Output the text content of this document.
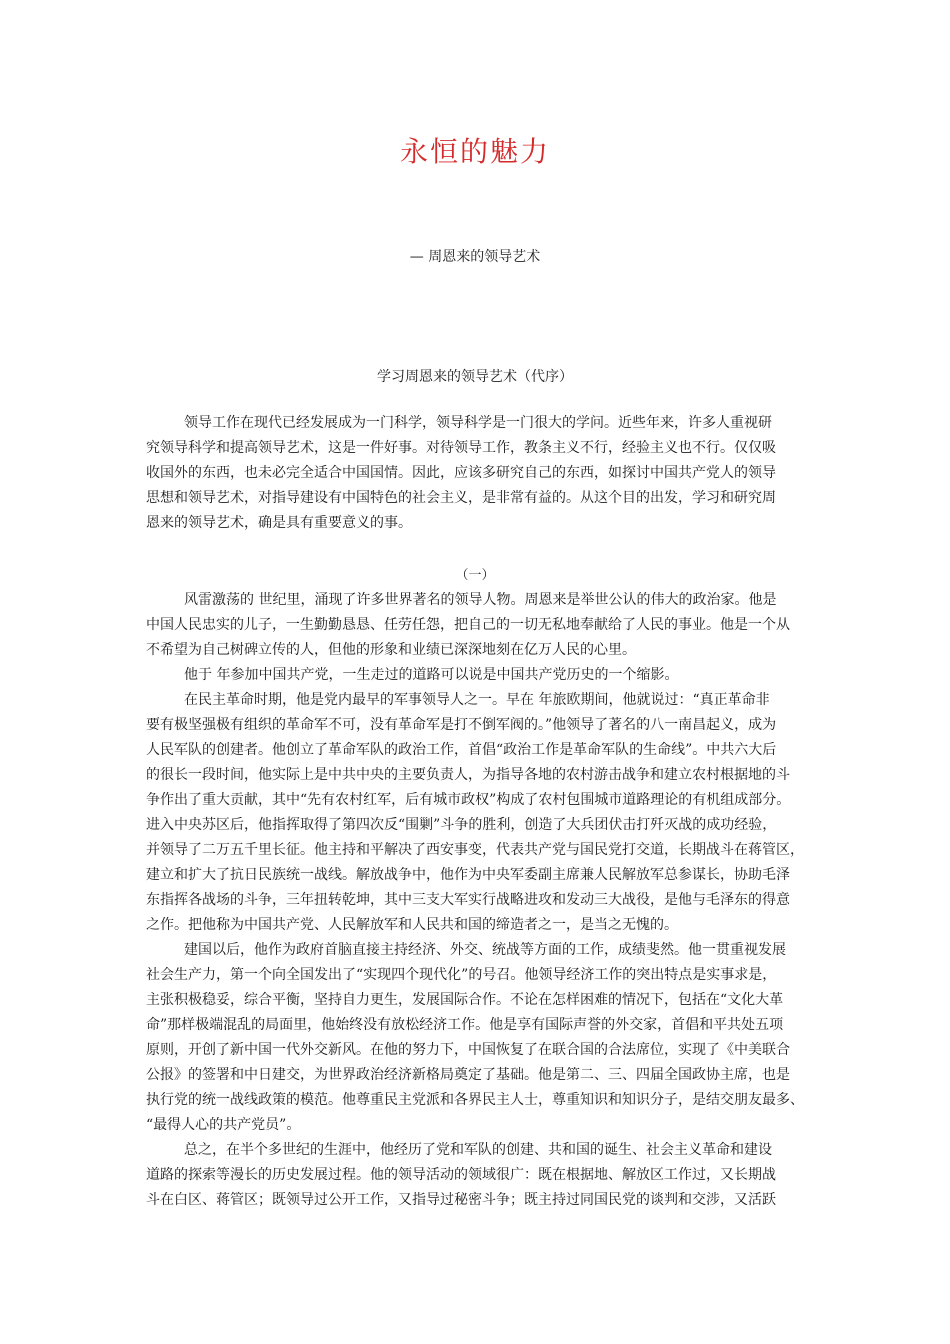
永恒的魅力

— 周恩来的领导艺术

学习周恩来的领导艺术（代序）

领导工作在现代已经发展成为一门科学，领导科学是一门很大的学问。近些年来，许多人重视研
究领导科学和提高领导艺术，这是一件好事。对待领导工作，教条主义不行，经验主义也不行。仅仅吸
收国外的东西，也未必完全适合中国国情。因此，应该多研究自己的东西，如探讨中国共产党人的领导
思想和领导艺术，对指导建设有中国特色的社会主义，是非常有益的。从这个目的出发，学习和研究周
恩来的领导艺术，确是具有重要意义的事。

（一）

风雷激荡的 世纪里，涌现了许多世界著名的领导人物。周恩来是举世公认的伟大的政治家。他是
中国人民忠实的儿子，一生勤勤恳恳、任劳任怨，把自己的一切无私地奉献给了人民的事业。他是一个从
不希望为自己树碑立传的人，但他的形象和业绩已深深地刻在亿万人民的心里。
他于 年参加中国共产党，一生走过的道路可以说是中国共产党历史的一个缩影。
在民主革命时期，他是党内最早的军事领导人之一。早在 年旅欧期间，他就说过：“真正革命非
要有极坚强极有组织的革命军不可，没有革命军是打不倒军阀的。”他领导了著名的八一南昌起义，成为
人民军队的创建者。他创立了革命军队的政治工作，首倡“政治工作是革命军队的生命线”。中共六大后
的很长一段时间，他实际上是中共中央的主要负责人，为指导各地的农村游击战争和建立农村根据地的斗
争作出了重大贡献，其中“先有农村红军，后有城市政权”构成了农村包围城市道路理论的有机组成部分。
进入中央苏区后，他指挥取得了第四次反“围剿”斗争的胜利，创造了大兵团伏击打歼灭战的成功经验，
并领导了二万五千里长征。他主持和平解决了西安事变，代表共产党与国民党打交道，长期战斗在蒋管区，
建立和扩大了抗日民族统一战线。解放战争中，他作为中央军委副主席兼人民解放军总参谋长，协助毛泽
东指挥各战场的斗争，三年扭转乾坤，其中三支大军实行战略进攻和发动三大战役，是他与毛泽东的得意
之作。把他称为中国共产党、人民解放军和人民共和国的缔造者之一，是当之无愧的。
建国以后，他作为政府首脑直接主持经济、外交、统战等方面的工作，成绩斐然。他一贯重视发展
社会生产力，第一个向全国发出了“实现四个现代化”的号召。他领导经济工作的突出特点是实事求是，
主张积极稳妥，综合平衡，坚持自力更生，发展国际合作。不论在怎样困难的情况下，包括在“文化大革
命”那样极端混乱的局面里，他始终没有放松经济工作。他是享有国际声誉的外交家，首倡和平共处五项
原则，开创了新中国一代外交新风。在他的努力下，中国恢复了在联合国的合法席位，实现了《中美联合
公报》的签署和中日建交，为世界政治经济新格局奠定了基础。他是第二、三、四届全国政协主席，也是
执行党的统一战线政策的模范。他尊重民主党派和各界民主人士，尊重知识和知识分子，是结交朋友最多、
“最得人心的共产党员”。
总之，在半个多世纪的生涯中，他经历了党和军队的创建、共和国的诞生、社会主义革命和建设
道路的探索等漫长的历史发展过程。他的领导活动的领域很广：既在根据地、解放区工作过，又长期战
斗在白区、蒋管区；既领导过公开工作，又指导过秘密斗争；既主持过同国民党的谈判和交涉，又活跃
